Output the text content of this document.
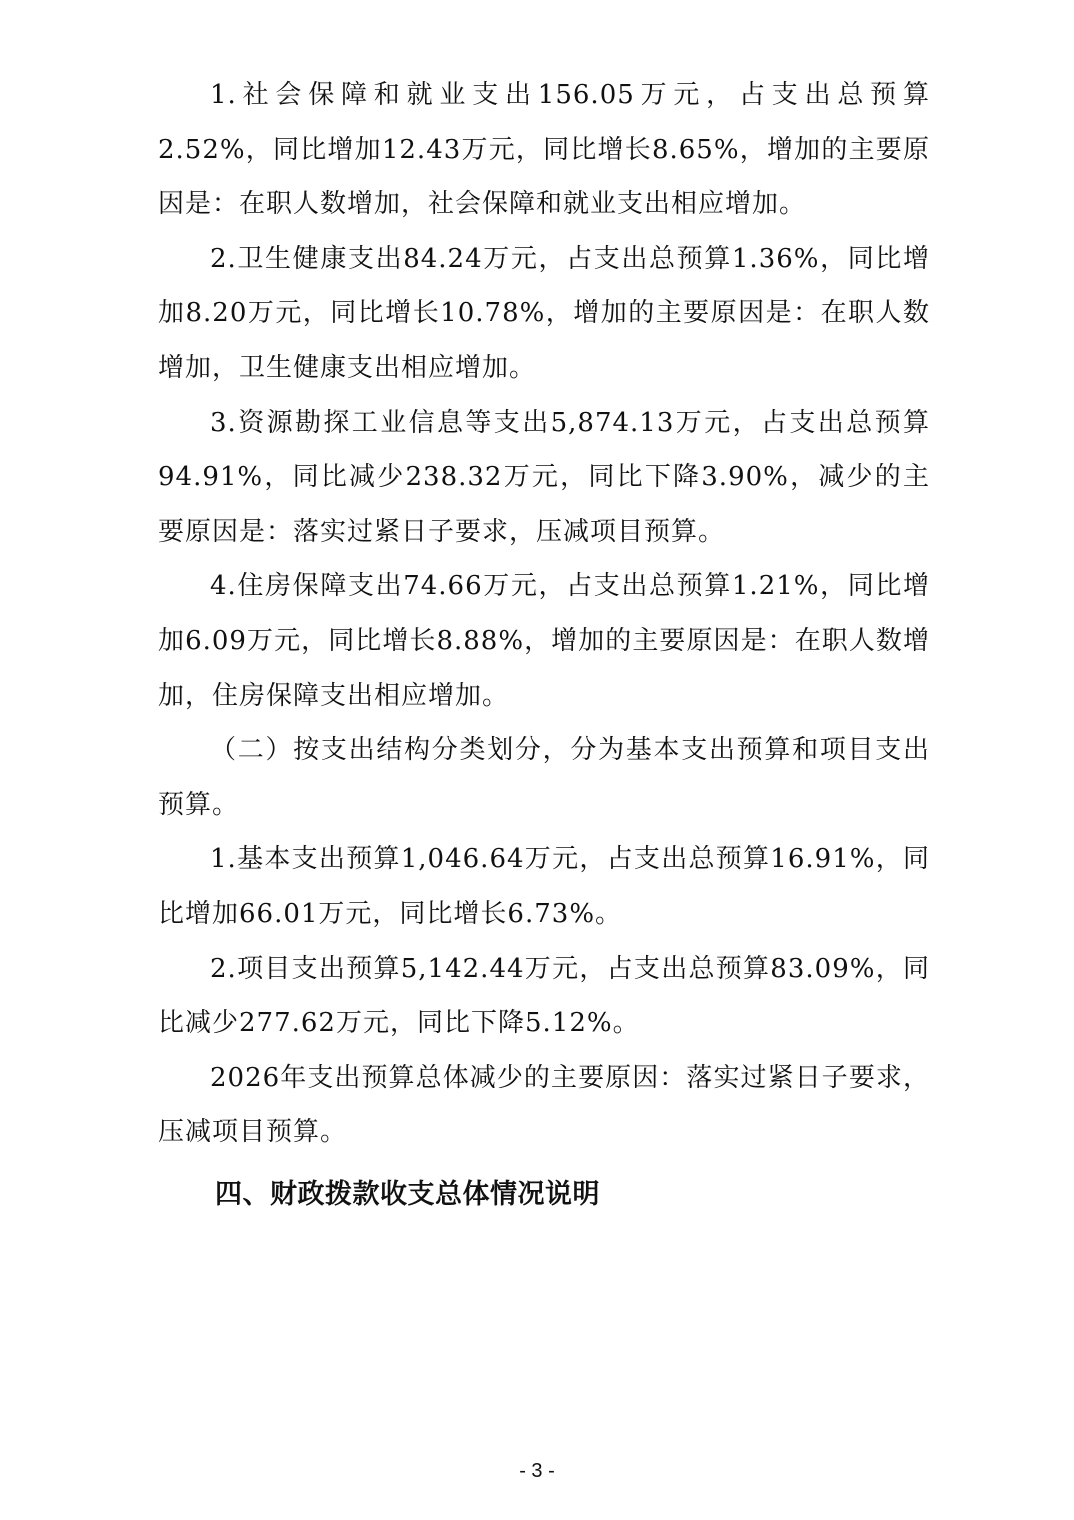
1.社会保障和就业支出156.05万元，占支出总预算2.52%，同比增加12.43万元，同比增长8.65%，增加的主要原因是：在职人数增加，社会保障和就业支出相应增加。

2.卫生健康支出84.24万元，占支出总预算1.36%，同比增加8.20万元，同比增长10.78%，增加的主要原因是：在职人数增加，卫生健康支出相应增加。

3.资源勘探工业信息等支出5,874.13万元，占支出总预算94.91%，同比减少238.32万元，同比下降3.90%，减少的主要原因是：落实过紧日子要求，压减项目预算。

4.住房保障支出74.66万元，占支出总预算1.21%，同比增加6.09万元，同比增长8.88%，增加的主要原因是：在职人数增加，住房保障支出相应增加。

（二）按支出结构分类划分，分为基本支出预算和项目支出预算。

1.基本支出预算1,046.64万元，占支出总预算16.91%，同比增加66.01万元，同比增长6.73%。

2.项目支出预算5,142.44万元，占支出总预算83.09%，同比减少277.62万元，同比下降5.12%。

2026年支出预算总体减少的主要原因：落实过紧日子要求，压减项目预算。

四、财政拨款收支总体情况说明
- 3 -
